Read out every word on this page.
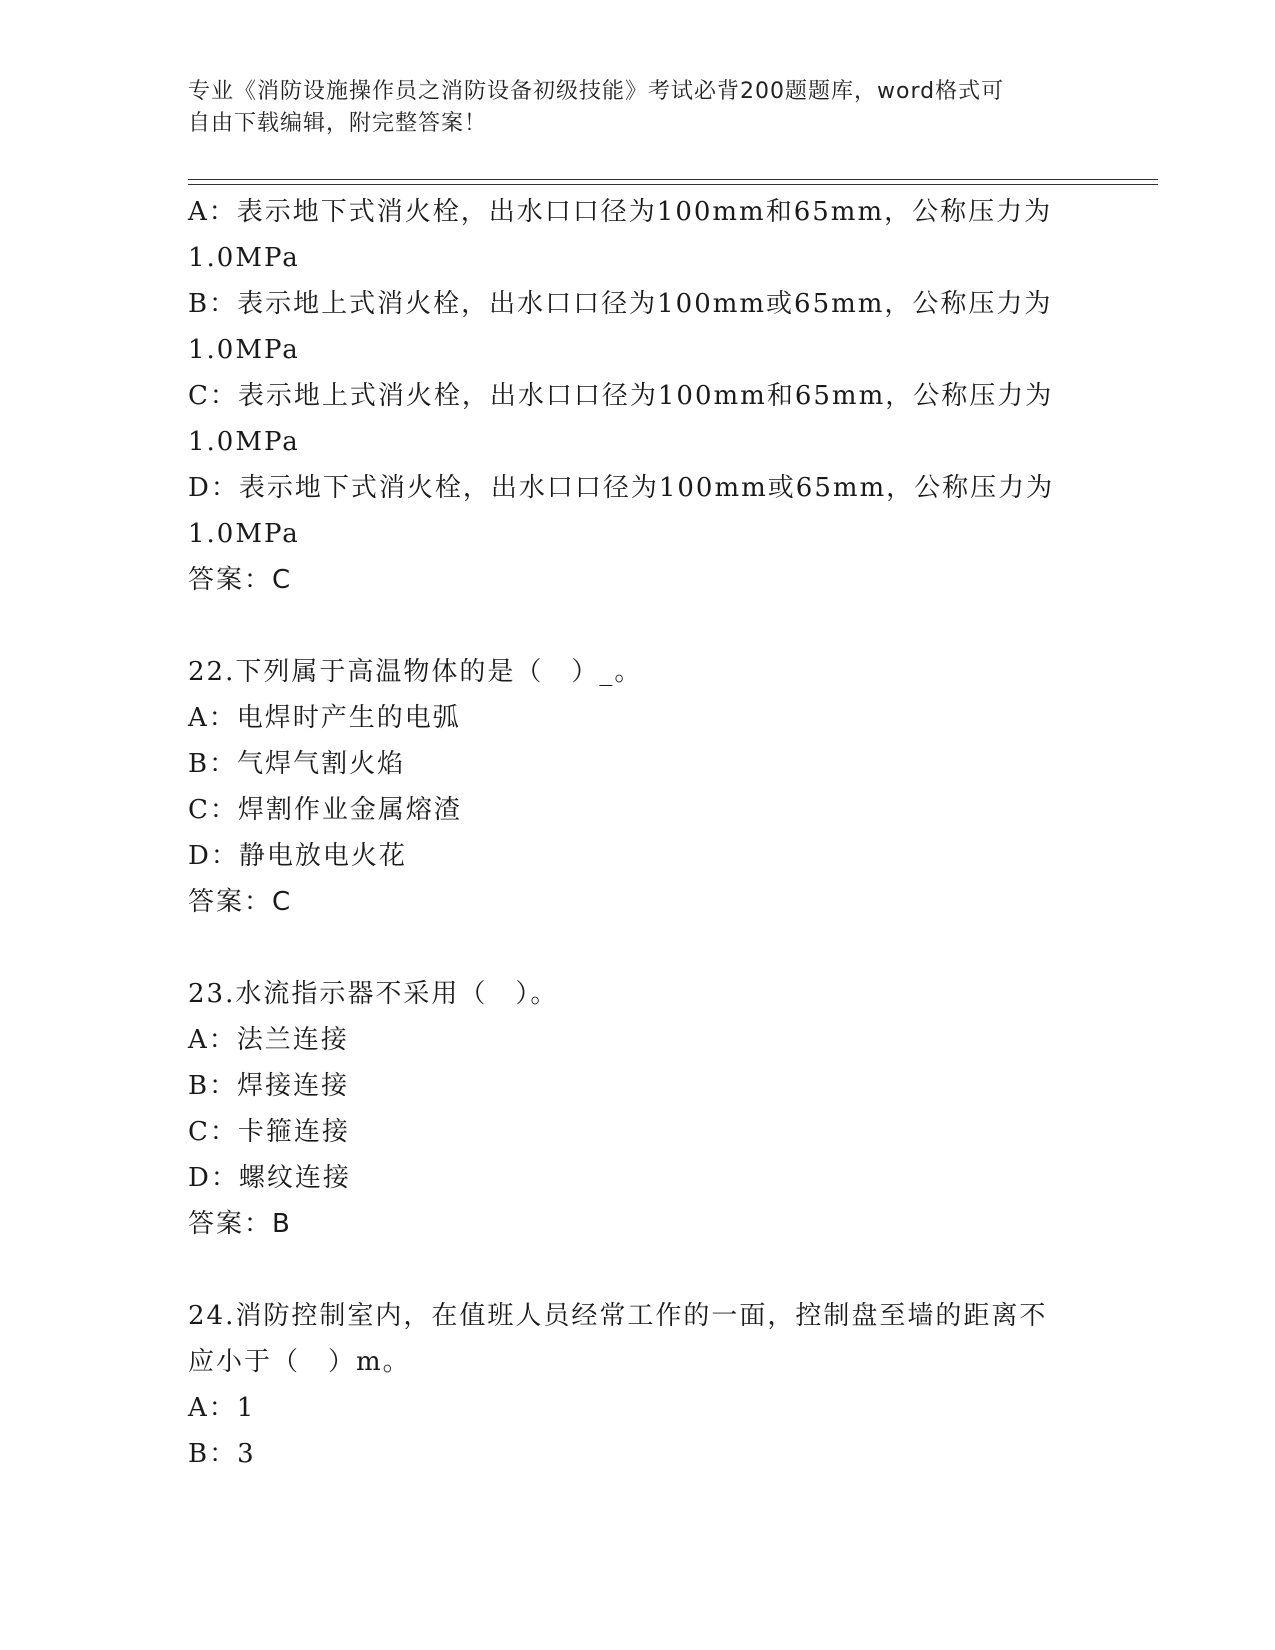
专业《消防设施操作员之消防设备初级技能》考试必背200题题库，word格式可
自由下载编辑，附完整答案！
A：表示地下式消火栓，出水口口径为100mm和65mm，公称压力为
1.0MPa
B：表示地上式消火栓，出水口口径为100mm或65mm，公称压力为
1.0MPa
C：表示地上式消火栓，出水口口径为100mm和65mm，公称压力为
1.0MPa
D：表示地下式消火栓，出水口口径为100mm或65mm，公称压力为
1.0MPa
答案：C
22.下列属于高温物体的是（　）_。
A：电焊时产生的电弧
B：气焊气割火焰
C：焊割作业金属熔渣
D：静电放电火花
答案：C
23.水流指示器不采用（　）。
A：法兰连接
B：焊接连接
C：卡箍连接
D：螺纹连接
答案：B
24.消防控制室内，在值班人员经常工作的一面，控制盘至墙的距离不
应小于（　）m。
A：1
B：3
